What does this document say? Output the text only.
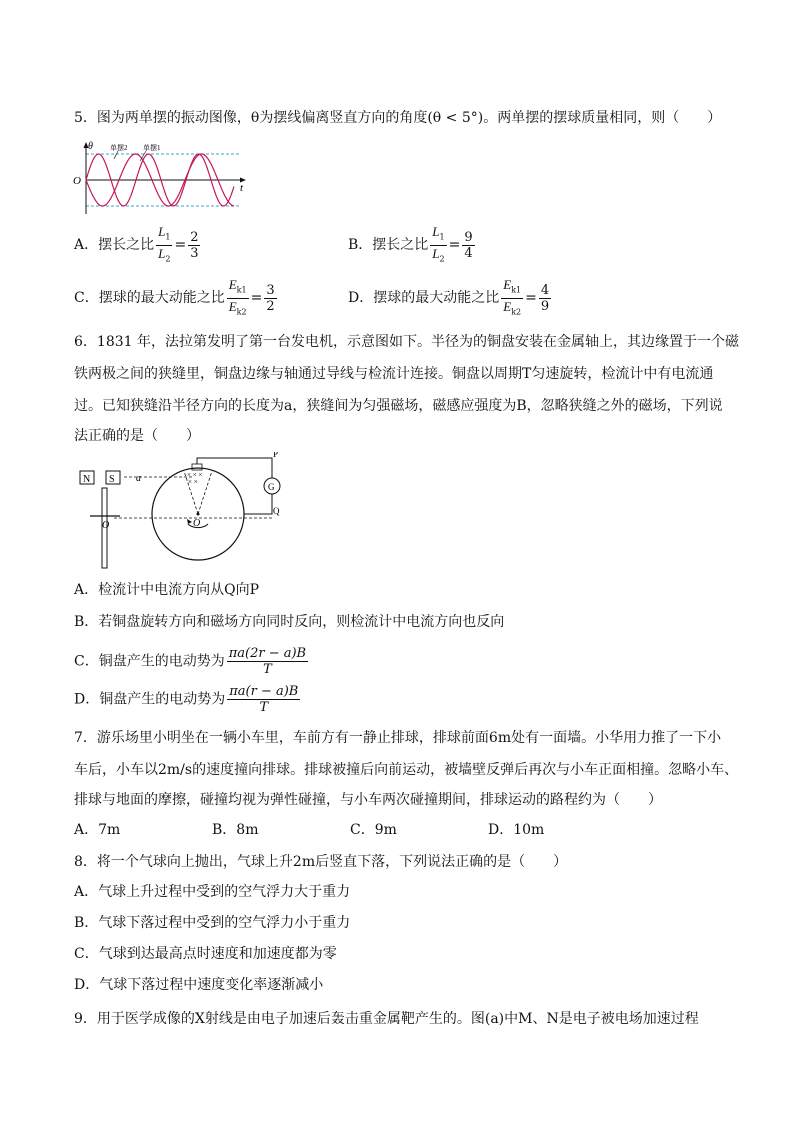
5．图为两单摆的振动图像，θ为摆线偏离竖直方向的角度(θ < 5°)。两单摆的摆球质量相同，则（　　）
θ
t
O
单摆2 单摆1
A．摆长之比 $\frac{L_1}{L_2} = \frac{2}{3}$	B．摆长之比 $\frac{L_1}{L_2} = \frac{9}{4}$
C．摆球的最大动能之比 $\frac{E_{k1}}{E_{k2}} = \frac{3}{2}$	D．摆球的最大动能之比 $\frac{E_{k1}}{E_{k2}} = \frac{4}{9}$
6．1831 年，法拉第发明了第一台发电机，示意图如下。半径为的铜盘安装在金属轴上，其边缘置于一个磁
铁两极之间的狭缝里，铜盘边缘与轴通过导线与检流计连接。铜盘以周期T匀速旋转，检流计中有电流通
过。已知狭缝沿半径方向的长度为a，狭缝间为匀强磁场，磁感应强度为B，忽略狭缝之外的磁场，下列说
法正确的是（　　）
N S a
O
× × ×
× ×	G
P
Q
O
A．检流计中电流方向从Q向P
B．若铜盘旋转方向和磁场方向同时反向，则检流计中电流方向也反向
C．铜盘产生的电动势为 $\frac{\pi a(2r - a)B}{T}$
D．铜盘产生的电动势为 $\frac{\pi a(r - a)B}{T}$
7．游乐场里小明坐在一辆小车里，车前方有一静止排球，排球前面6m处有一面墙。小华用力推了一下小
车后，小车以2m/s的速度撞向排球。排球被撞后向前运动，被墙壁反弹后再次与小车正面相撞。忽略小车、
排球与地面的摩擦，碰撞均视为弹性碰撞，与小车两次碰撞期间，排球运动的路程约为（　　）
A．7m	B．8m	C．9m	D．10m
8．将一个气球向上抛出，气球上升2m后竖直下落，下列说法正确的是（　　）
A．气球上升过程中受到的空气浮力大于重力
B．气球下落过程中受到的空气浮力小于重力
C．气球到达最高点时速度和加速度都为零
D．气球下落过程中速度变化率逐渐减小
9．用于医学成像的X射线是由电子加速后轰击重金属靶产生的。图(a)中M、N是电子被电场加速过程
